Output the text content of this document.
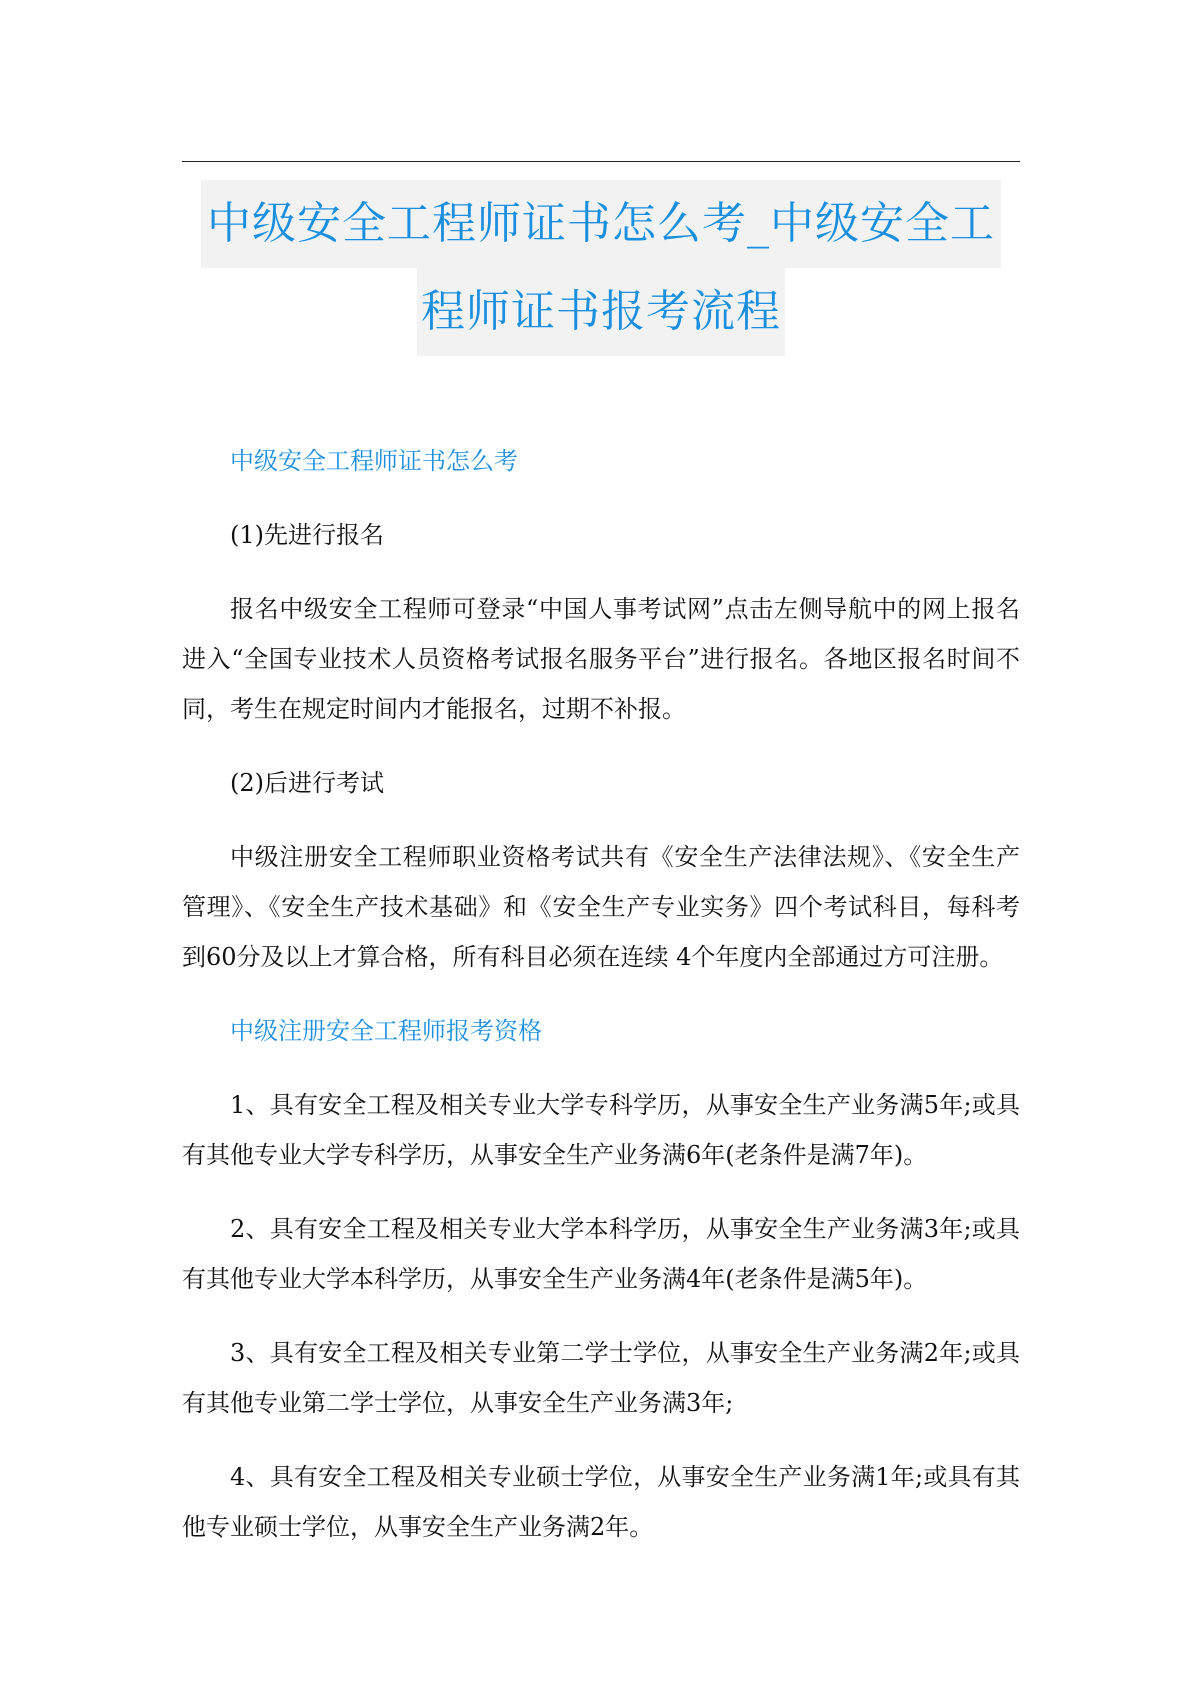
中级安全工程师证书怎么考_中级安全工
程师证书报考流程
中级安全工程师证书怎么考

(1)先进行报名

报名中级安全工程师可登录“中国人事考试网”点击左侧导航中的网上报名进入“全国专业技术人员资格考试报名服务平台”进行报名。各地区报名时间不同，考生在规定时间内才能报名，过期不补报。

(2)后进行考试

中级注册安全工程师职业资格考试共有《安全生产法律法规》、《安全生产管理》、《安全生产技术基础》和《安全生产专业实务》四个考试科目，每科考到60分及以上才算合格，所有科目必须在连续 4个年度内全部通过方可注册。

中级注册安全工程师报考资格

1、具有安全工程及相关专业大学专科学历，从事安全生产业务满5年;或具有其他专业大学专科学历，从事安全生产业务满6年(老条件是满7年)。

2、具有安全工程及相关专业大学本科学历，从事安全生产业务满3年;或具有其他专业大学本科学历，从事安全生产业务满4年(老条件是满5年)。

3、具有安全工程及相关专业第二学士学位，从事安全生产业务满2年;或具有其他专业第二学士学位，从事安全生产业务满3年;

4、具有安全工程及相关专业硕士学位，从事安全生产业务满1年;或具有其他专业硕士学位，从事安全生产业务满2年。
